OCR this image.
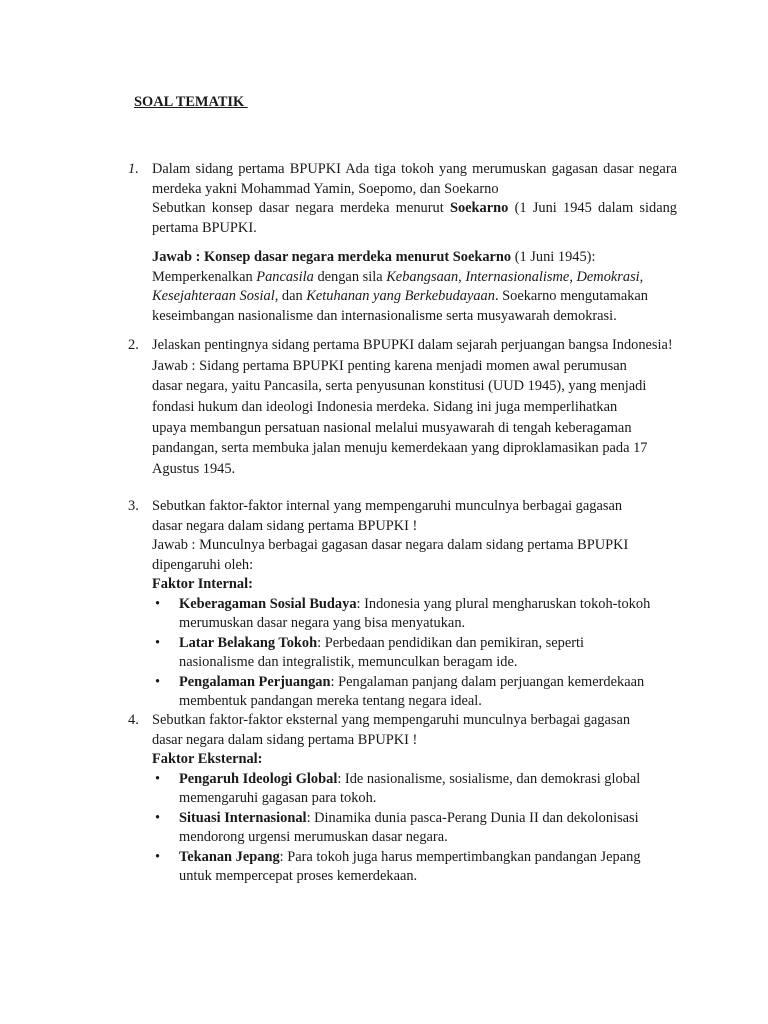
SOAL TEMATIK
1. Dalam sidang pertama BPUPKI Ada tiga tokoh yang merumuskan gagasan dasar negara merdeka yakni Mohammad Yamin, Soepomo, dan Soekarno
Sebutkan konsep dasar negara merdeka menurut Soekarno (1 Juni 1945 dalam sidang pertama BPUPKI.
Jawab : Konsep dasar negara merdeka menurut Soekarno (1 Juni 1945):
Memperkenalkan Pancasila dengan sila Kebangsaan, Internasionalisme, Demokrasi, Kesejahteraan Sosial, dan Ketuhanan yang Berkebudayaan. Soekarno mengutamakan keseimbangan nasionalisme dan internasionalisme serta musyawarah demokrasi.
2. Jelaskan pentingnya sidang pertama BPUPKI dalam sejarah perjuangan bangsa Indonesia!
Jawab : Sidang pertama BPUPKI penting karena menjadi momen awal perumusan
dasar negara, yaitu Pancasila, serta penyusunan konstitusi (UUD 1945), yang menjadi
fondasi hukum dan ideologi Indonesia merdeka. Sidang ini juga memperlihatkan
upaya membangun persatuan nasional melalui musyawarah di tengah keberagaman
pandangan, serta membuka jalan menuju kemerdekaan yang diproklamasikan pada 17
Agustus 1945.
3. Sebutkan faktor-faktor internal yang mempengaruhi munculnya berbagai gagasan
dasar negara dalam sidang pertama BPUPKI !
Jawab : Munculnya berbagai gagasan dasar negara dalam sidang pertama BPUPKI
dipengaruhi oleh:
Faktor Internal:
• Keberagaman Sosial Budaya: Indonesia yang plural mengharuskan tokoh-tokoh
merumuskan dasar negara yang bisa menyatukan.
• Latar Belakang Tokoh: Perbedaan pendidikan dan pemikiran, seperti
nasionalisme dan integralistik, memunculkan beragam ide.
• Pengalaman Perjuangan: Pengalaman panjang dalam perjuangan kemerdekaan
membentuk pandangan mereka tentang negara ideal.
4. Sebutkan faktor-faktor eksternal yang mempengaruhi munculnya berbagai gagasan
dasar negara dalam sidang pertama BPUPKI !
Faktor Eksternal:
• Pengaruh Ideologi Global: Ide nasionalisme, sosialisme, dan demokrasi global
memengaruhi gagasan para tokoh.
• Situasi Internasional: Dinamika dunia pasca-Perang Dunia II dan dekolonisasi
mendorong urgensi merumuskan dasar negara.
• Tekanan Jepang: Para tokoh juga harus mempertimbangkan pandangan Jepang
untuk mempercepat proses kemerdekaan.
